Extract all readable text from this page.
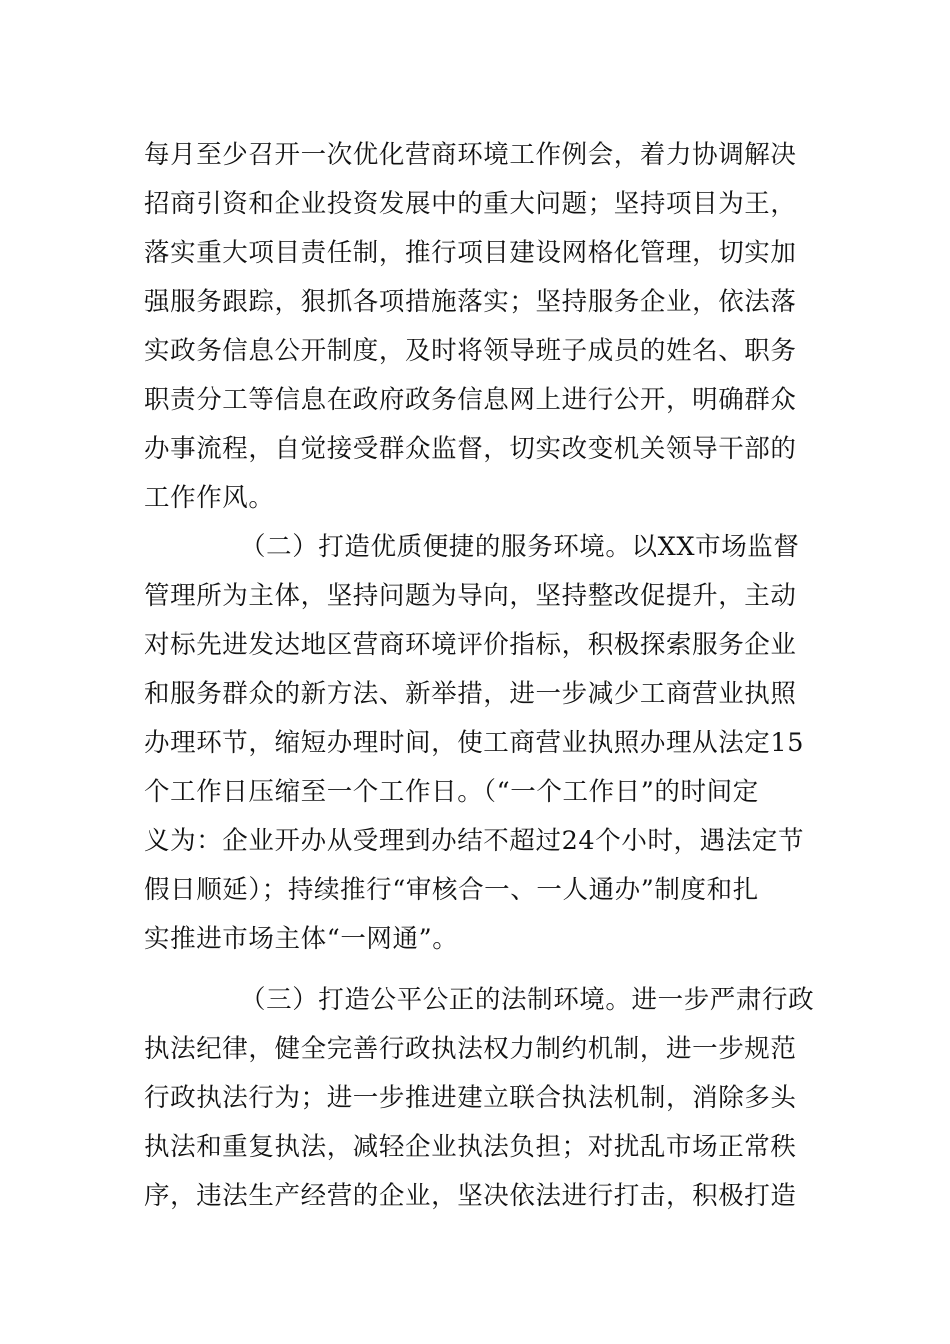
每月至少召开一次优化营商环境工作例会，着力协调解决
招商引资和企业投资发展中的重大问题；坚持项目为王，
落实重大项目责任制，推行项目建设网格化管理，切实加
强服务跟踪，狠抓各项措施落实；坚持服务企业，依法落
实政务信息公开制度，及时将领导班子成员的姓名、职务
职责分工等信息在政府政务信息网上进行公开，明确群众
办事流程，自觉接受群众监督，切实改变机关领导干部的
工作作风。
（二）打造优质便捷的服务环境。以XX市场监督
管理所为主体，坚持问题为导向，坚持整改促提升，主动
对标先进发达地区营商环境评价指标，积极探索服务企业
和服务群众的新方法、新举措，进一步减少工商营业执照
办理环节，缩短办理时间，使工商营业执照办理从法定15
个工作日压缩至一个工作日。（“一个工作日”的时间定
义为：企业开办从受理到办结不超过24个小时，遇法定节
假日顺延）；持续推行“审核合一、一人通办”制度和扎
实推进市场主体“一网通”。
（三）打造公平公正的法制环境。进一步严肃行政
执法纪律，健全完善行政执法权力制约机制，进一步规范
行政执法行为；进一步推进建立联合执法机制，消除多头
执法和重复执法，减轻企业执法负担；对扰乱市场正常秩
序，违法生产经营的企业，坚决依法进行打击，积极打造
